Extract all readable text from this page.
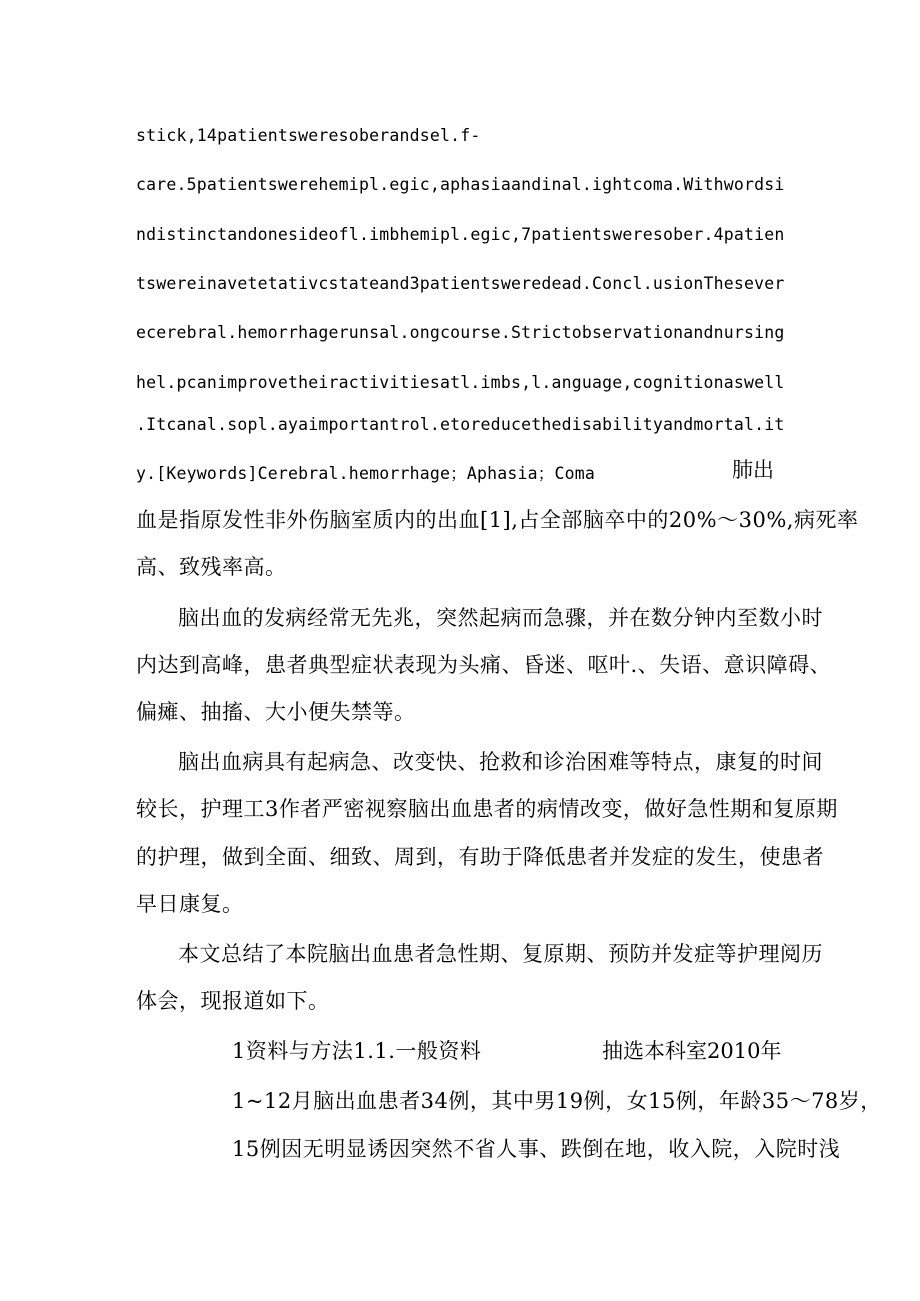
stick,14patientsweresoberandsel.f-
care.5patientswerehemipl.egic,aphasiaandinal.ightcoma.Withwordsi
ndistinctandonesideofl.imbhemipl.egic,7patientsweresober.4patien
tswereinavetetativcstateand3patientsweredead.Concl.usionThesever
ecerebral.hemorrhagerunsal.ongcourse.Strictobservationandnursing
hel.pcanimprovetheiractivitiesatl.imbs,l.anguage,cognitionaswell
.Itcanal.sopl.ayaimportantrol.etoreducethedisabilityandmortal.it
y.[Keywords]Cerebral.hemorrhage；Aphasia；Coma	肺出
血是指原发性非外伤脑室质内的出血[1],占全部脑卒中的20%～30%,病死率
高、致残率高。
脑出血的发病经常无先兆，突然起病而急骤，并在数分钟内至数小时
内达到高峰，患者典型症状表现为头痛、昏迷、呕叶.、失语、意识障碍、
偏瘫、抽搐、大小便失禁等。
脑出血病具有起病急、改变快、抢救和诊治困难等特点，康复的时间
较长，护理工3作者严密视察脑出血患者的病情改变，做好急性期和复原期
的护理，做到全面、细致、周到，有助于降低患者并发症的发生，使患者
早日康复。
本文总结了本院脑出血患者急性期、复原期、预防并发症等护理阅历
体会，现报道如下。
1资料与方法1.1.一般资料	抽选本科室2010年
1~12月脑出血患者34例，其中男19例，女15例，年龄35～78岁，
15例因无明显诱因突然不省人事、跌倒在地，收入院，入院时浅
